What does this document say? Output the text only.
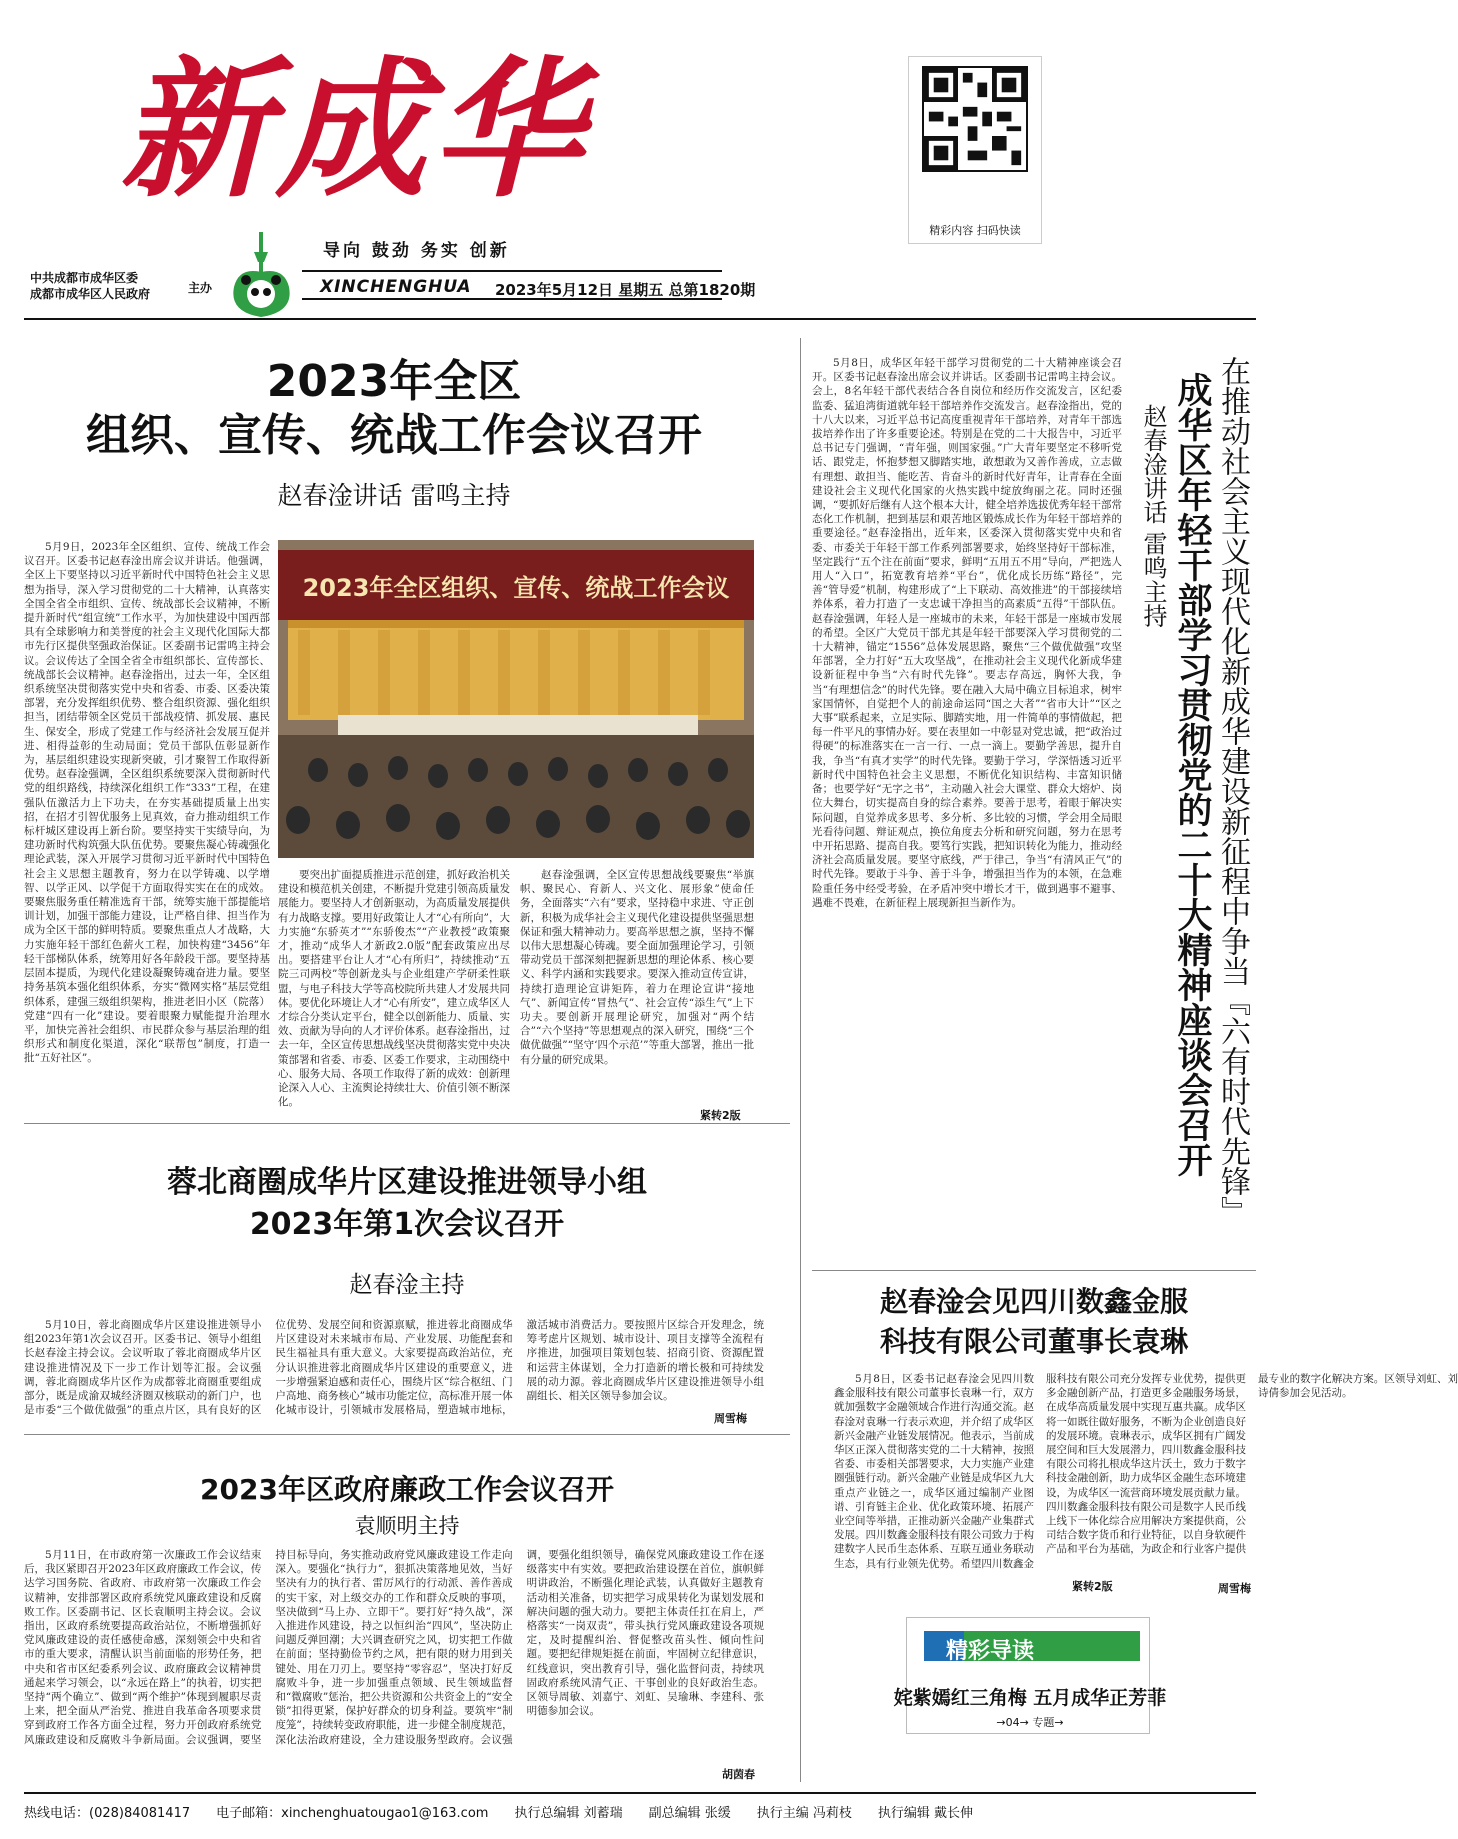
新成华
导向 鼓劲 务实 创新
中共成都市成华区委
成都市成华区人民政府	主办	XINCHENGHUA 2023年5月12日 星期五 总第1820期
精彩内容 扫码快读
2023年全区
组织、宣传、统战工作会议召开
赵春淦讲话 雷鸣主持
2023年全区组织、宣传、统战工作会议

5月9日，2023年全区组织、宣传、统战工作会议召开。区委书记赵春淦出席会议并讲话。他强调，全区上下要坚持以习近平新时代中国特色社会主义思想为指导，深入学习贯彻党的二十大精神，认真落实全国全省全市组织、宣传、统战部长会议精神，不断提升新时代“组宣统”工作水平，为加快建设中国西部具有全球影响力和美誉度的社会主义现代化国际大都市先行区提供坚强政治保证。区委副书记雷鸣主持会议。会议传达了全国全省全市组织部长、宣传部长、统战部长会议精神。赵春淦指出，过去一年，全区组织系统坚决贯彻落实党中央和省委、市委、区委决策部署，充分发挥组织优势、整合组织资源、强化组织担当，团结带领全区党员干部战疫情、抓发展、惠民生、保安全，形成了党建工作与经济社会发展互促并进、相得益彰的生动局面；党员干部队伍彰显新作为，基层组织建设实现新突破，引才聚智工作取得新优势。赵春淦强调，全区组织系统要深入贯彻新时代党的组织路线，持续深化组织工作“333”工程，在建强队伍激活力上下功夫，在夯实基础提质量上出实招，在招才引智优服务上见真效，奋力推动组织工作标杆城区建设再上新台阶。要坚持实干实绩导向，为建功新时代构筑强大队伍优势。要聚焦凝心铸魂强化理论武装，深入开展学习贯彻习近平新时代中国特色社会主义思想主题教育，努力在以学铸魂、以学增智、以学正风、以学促干方面取得实实在在的成效。要聚焦服务重任精准选育干部，统筹实施干部提能培训计划，加强干部能力建设，让严格自律、担当作为成为全区干部的鲜明特质。要聚焦重点人才战略，大力实施年轻干部红色薪火工程，加快构建“3456”年轻干部梯队体系，统筹用好各年龄段干部。要坚持基层固本提质，为现代化建设凝聚铸魂奋进力量。要坚持务基筑本强化组织体系，夯实“微网实格”基层党组织体系，建强三级组织架构，推进老旧小区（院落）党建“四有一化”建设。要着眼聚力赋能提升治理水平，加快完善社会组织、市民群众参与基层治理的组织形式和制度化渠道，深化“联帮包”制度，打造一批“五好社区”。

要突出扩面提质推进示范创建，抓好政治机关建设和模范机关创建，不断提升党建引领高质量发展能力。要坚持人才创新驱动，为高质量发展提供有力战略支撑。要用好政策让人才“心有所向”，大力实施“东骄英才”“东骄俊杰”“产业教授”政策聚才，推动“成华人才新政2.0版”配套政策应出尽出。要搭建平台让人才“心有所归”，持续推动“五院三司两校”等创新龙头与企业组建产学研柔性联盟，与电子科技大学等高校院所共建人才发展共同体。要优化环境让人才“心有所安”，建立成华区人才综合分类认定平台，健全以创新能力、质量、实效、贡献为导向的人才评价体系。赵春淦指出，过去一年，全区宣传思想战线坚决贯彻落实党中央决策部署和省委、市委、区委工作要求，主动围绕中心、服务大局、各项工作取得了新的成效：创新理论深入人心、主流舆论持续壮大、价值引领不断深化。

赵春淦强调，全区宣传思想战线要聚焦“举旗帜、聚民心、育新人、兴文化、展形象”使命任务，全面落实“六有”要求，坚持稳中求进、守正创新，积极为成华社会主义现代化建设提供坚强思想保证和强大精神动力。要高举思想之旗，坚持不懈以伟大思想凝心铸魂。要全面加强理论学习，引领带动党员干部深刻把握新思想的理论体系、核心要义、科学内涵和实践要求。要深入推动宣传宣讲，持续打造理论宣讲矩阵，着力在理论宣讲“接地气”、新闻宣传“冒热气”、社会宣传“添生气”上下功夫。要创新开展理论研究，加强对“两个结合”“六个坚持”等思想观点的深入研究，围绕“三个做优做强”“坚守‘四个示范’”等重大部署，推出一批有分量的研究成果。

紧转2版

5月8日，成华区年轻干部学习贯彻党的二十大精神座谈会召开。区委书记赵春淦出席会议并讲话。区委副书记雷鸣主持会议。会上，8名年轻干部代表结合各自岗位和经历作交流发言，区纪委监委、猛追湾街道就年轻干部培养作交流发言。赵春淦指出，党的十八大以来，习近平总书记高度重视青年干部培养，对青年干部选拔培养作出了许多重要论述。特别是在党的二十大报告中，习近平总书记专门强调，“青年强，则国家强。”广大青年要坚定不移听党话、跟党走，怀抱梦想又脚踏实地，敢想敢为又善作善成，立志做有理想、敢担当、能吃苦、肯奋斗的新时代好青年，让青春在全面建设社会主义现代化国家的火热实践中绽放绚丽之花。同时还强调，“要抓好后继有人这个根本大计，健全培养选拔优秀年轻干部常态化工作机制，把到基层和艰苦地区锻炼成长作为年轻干部培养的重要途径。”赵春淦指出，近年来，区委深入贯彻落实党中央和省委、市委关于年轻干部工作系列部署要求，始终坚持好干部标准，坚定践行“五个注在前面”要求，鲜明“五用五不用”导向，严把选人用人“入口”，拓宽教育培养“平台”，优化成长历练“路径”，完善“管导爱”机制，构建形成了“上下联动、高效推进”的干部接续培养体系，着力打造了一支忠诚干净担当的高素质“五得”干部队伍。赵春淦强调，年轻人是一座城市的未来，年轻干部是一座城市发展的希望。全区广大党员干部尤其是年轻干部要深入学习贯彻党的二十大精神，锚定“1556”总体发展思路，聚焦“三个做优做强”攻坚年部署，全力打好“五大攻坚战”，在推动社会主义现代化新成华建设新征程中争当“六有时代先锋”。要志存高远，胸怀大我，争当“有理想信念”的时代先锋。要在融入大局中确立目标追求，树牢家国情怀，自觉把个人的前途命运同“国之大者”“省市大计”“区之大事”联系起来，立足实际、脚踏实地，用一件简单的事情做起，把每一件平凡的事情办好。要在表里如一中彰显对党忠诚，把“政治过得硬”的标准落实在一言一行、一点一滴上。要勤学善思，提升自我，争当“有真才实学”的时代先锋。要勤于学习，学深悟透习近平新时代中国特色社会主义思想，不断优化知识结构、丰富知识储备；也要学好“无字之书”，主动融入社会大课堂、群众大熔炉、岗位大舞台，切实提高自身的综合素养。要善于思考，着眼于解决实际问题，自觉养成多思考、多分析、多比较的习惯，学会用全局眼光看待问题、辩证观点，换位角度去分析和研究问题，努力在思考中开拓思路、提高自我。要笃行实践，把知识转化为能力，推动经济社会高质量发展。要坚守底线，严于律己，争当“有清风正气”的时代先锋。要敢于斗争、善于斗争，增强担当作为的本领，在急难险重任务中经受考验，在矛盾冲突中增长才干，做到遇事不避事、遇难不畏难，在新征程上展现新担当新作为。

紧转2版
在推动社会主义现代化新成华建设新征程中争当『六有时代先锋』
成华区年轻干部学习贯彻党的二十大精神座谈会召开
赵春淦讲话 雷鸣主持
蓉北商圈成华片区建设推进领导小组
2023年第1次会议召开
赵春淦主持

5月10日，蓉北商圈成华片区建设推进领导小组2023年第1次会议召开。区委书记、领导小组组长赵春淦主持会议。会议听取了蓉北商圈成华片区建设推进情况及下一步工作计划等汇报。会议强调，蓉北商圈成华片区作为成都蓉北商圈重要组成部分，既是成渝双城经济圈双核联动的新门户，也是市委“三个做优做强”的重点片区，具有良好的区位优势、发展空间和资源禀赋，推进蓉北商圈成华片区建设对未来城市布局、产业发展、功能配套和民生福祉具有重大意义。大家要提高政治站位，充分认识推进蓉北商圈成华片区建设的重要意义，进一步增强紧迫感和责任心，围绕片区“综合枢纽、门户高地、商务核心”城市功能定位，高标准开展一体化城市设计，引领城市发展格局，塑造城市地标，激活城市消费活力。要按照片区综合开发理念，统筹考虑片区规划、城市设计、项目支撑等全流程有序推进，加强项目策划包装、招商引资、资源配置和运营主体谋划，全力打造新的增长极和可持续发展的动力源。蓉北商圈成华片区建设推进领导小组副组长、相关区领导参加会议。

周雪梅
2023年区政府廉政工作会议召开
袁顺明主持

5月11日，在市政府第一次廉政工作会议结束后，我区紧即召开2023年区政府廉政工作会议，传达学习国务院、省政府、市政府第一次廉政工作会议精神，安排部署区政府系统党风廉政建设和反腐败工作。区委副书记、区长袁顺明主持会议。会议指出，区政府系统要提高政治站位，不断增强抓好党风廉政建设的责任感使命感，深刻领会中央和省市的重大要求，清醒认识当前面临的形势任务，把中央和省市区纪委系列会议、政府廉政会议精神贯通起来学习领会，以“永远在路上”的执着，切实把坚持“两个确立”、做到“两个维护”体现到履职尽责上来，把全面从严治党、推进自我革命各项要求贯穿到政府工作各方面全过程，努力开创政府系统党风廉政建设和反腐败斗争新局面。会议强调，要坚持目标导向，务实推动政府党风廉政建设工作走向深入。要强化“执行力”，狠抓决策落地见效，当好坚决有力的执行者、雷厉风行的行动派、善作善成的实干家，对上级交办的工作和群众反映的事项，坚决做到“马上办、立即干”。要打好“持久战”，深入推进作风建设，持之以恒纠治“四风”，坚决防止问题反弹回潮；大兴调查研究之风，切实把工作做在前面；坚持勤俭节约之风，把有限的财力用到关键处、用在刀刃上。要坚持“零容忍”，坚决打好反腐败斗争，进一步加强重点领域、民生领域监督和“微腐败”惩治，把公共资源和公共资金上的“安全锁”扣得更紧，保护好群众的切身利益。要筑牢“制度笼”，持续转变政府职能，进一步健全制度规范，深化法治政府建设，全力建设服务型政府。会议强调，要强化组织领导，确保党风廉政建设工作在逐级落实中有实效。要把政治建设摆在首位，旗帜鲜明讲政治，不断强化理论武装，认真做好主题教育活动相关准备，切实把学习成果转化为谋划发展和解决问题的强大动力。要把主体责任扛在肩上，严格落实“一岗双责”，带头执行党风廉政建设各项规定，及时提醒纠治、督促整改苗头性、倾向性问题。要把纪律规矩挺在前面，牢固树立纪律意识，红线意识，突出教育引导，强化监督问责，持续巩固政府系统风清气正、干事创业的良好政治生态。区领导周敏、刘嘉宁、刘虹、吴瑜琳、李建科、张明德参加会议。

胡茵春
赵春淦会见四川数鑫金服
科技有限公司董事长袁琳

5月8日，区委书记赵春淦会见四川数鑫金服科技有限公司董事长袁琳一行，双方就加强数字金融领域合作进行沟通交流。赵春淦对袁琳一行表示欢迎，并介绍了成华区新兴金融产业链发展情况。他表示，当前成华区正深入贯彻落实党的二十大精神，按照省委、市委相关部署要求，大力实施产业建圈强链行动。新兴金融产业链是成华区九大重点产业链之一，成华区通过编制产业图谱、引育链主企业、优化政策环境、拓展产业空间等举措，正推动新兴金融产业集群式发展。四川数鑫金服科技有限公司致力于构建数字人民币生态体系、互联互通业务联动生态，具有行业领先优势。希望四川数鑫金服科技有限公司充分发挥专业优势，提供更多金融创新产品，打造更多金融服务场景，在成华高质量发展中实现互惠共赢。成华区将一如既往做好服务，不断为企业创造良好的发展环境。袁琳表示，成华区拥有广阔发展空间和巨大发展潜力，四川数鑫金服科技有限公司将扎根成华这片沃土，致力于数字科技金融创新，助力成华区金融生态环境建设，为成华区一流营商环境发展贡献力量。四川数鑫金服科技有限公司是数字人民币线上线下一体化综合应用解决方案提供商，公司结合数字货币和行业特征，以自身软硬件产品和平台为基础，为政企和行业客户提供最专业的数字化解决方案。区领导刘虹、刘诗倩参加会见活动。

周雪梅
精彩导读
姹紫嫣红三角梅 五月成华正芳菲
→04→ 专题→
热线电话：(028)84081417 电子邮箱：xinchenghuatougao1@163.com 执行总编辑 刘蓄瑞 副总编辑 张缓 执行主编 冯莉枝 执行编辑 戴长伸
